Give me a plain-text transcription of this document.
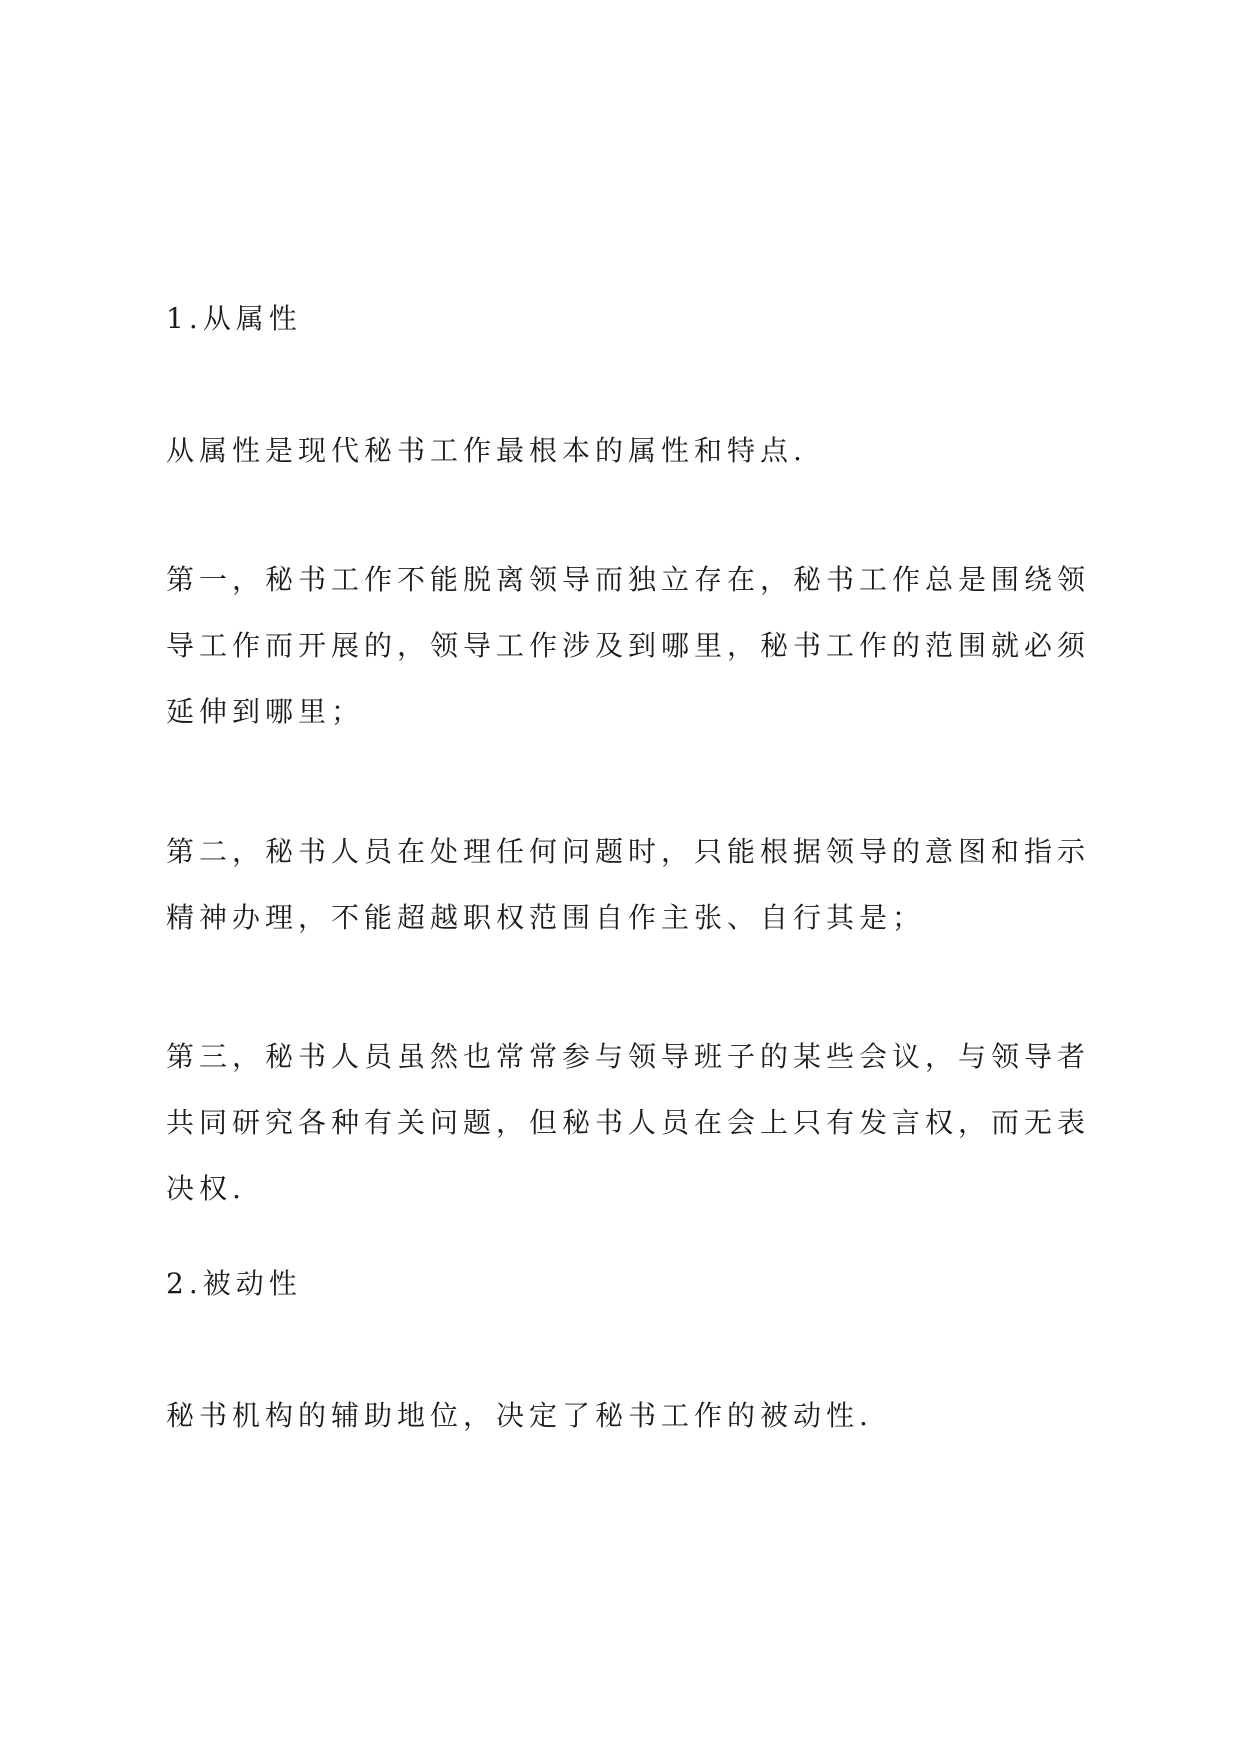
1.从属性

从属性是现代秘书工作最根本的属性和特点.

第一，秘书工作不能脱离领导而独立存在，秘书工作总是围绕领导工作而开展的，领导工作涉及到哪里，秘书工作的范围就必须延伸到哪里；

第二，秘书人员在处理任何问题时，只能根据领导的意图和指示精神办理，不能超越职权范围自作主张、自行其是；

第三，秘书人员虽然也常常参与领导班子的某些会议，与领导者共同研究各种有关问题，但秘书人员在会上只有发言权，而无表决权.

2.被动性

秘书机构的辅助地位，决定了秘书工作的被动性.
